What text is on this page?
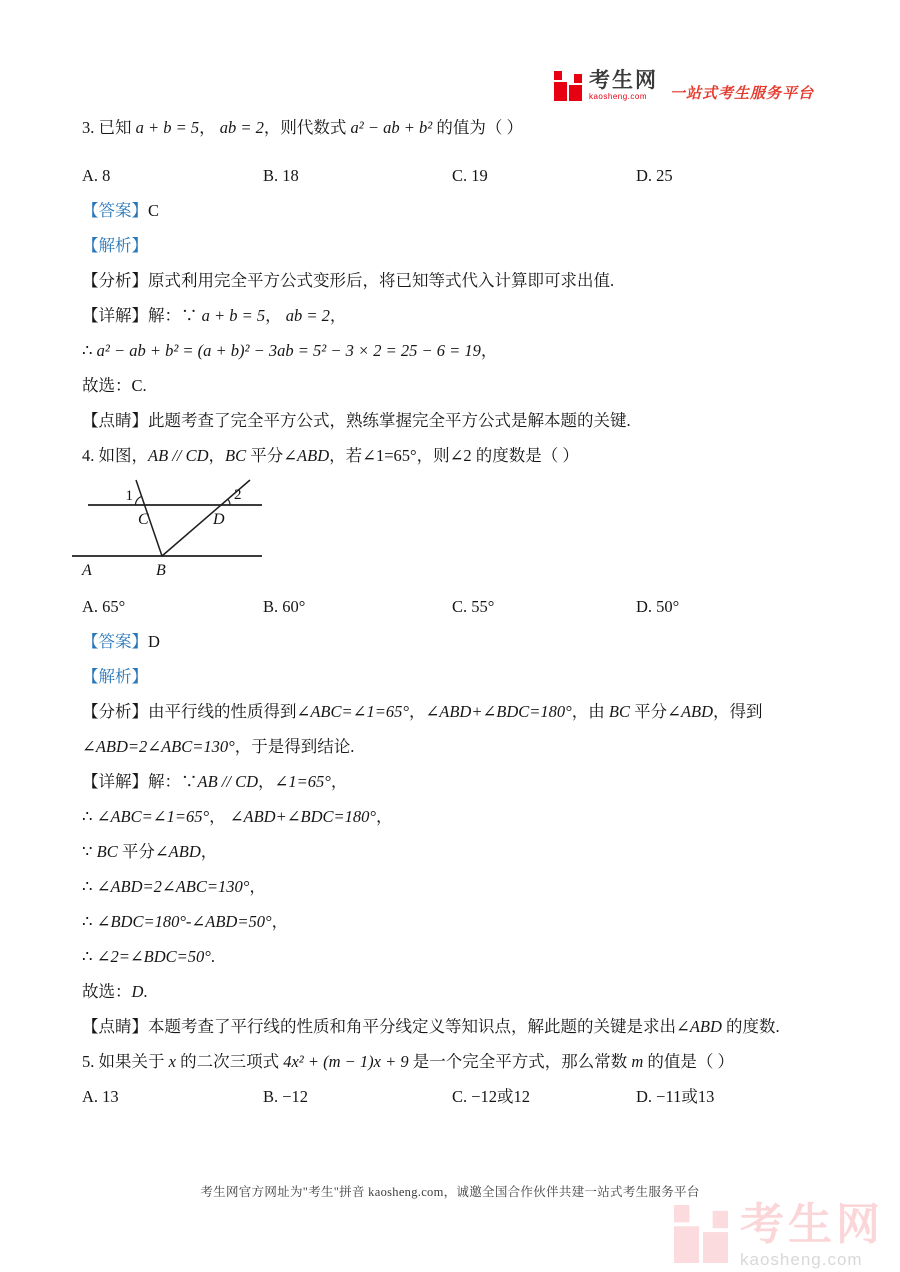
考生网
kaosheng.com	一站式考生服务平台

3. 已知 a + b = 5， ab = 2，则代数式 a² − ab + b² 的值为（ ）

A. 8	B. 18	C. 19	D. 25

【答案】C

【解析】

【分析】原式利用完全平方公式变形后，将已知等式代入计算即可求出值.

【详解】解：∵ a + b = 5， ab = 2，

∴ a² − ab + b² = (a + b)² − 3ab = 5² − 3 × 2 = 25 − 6 = 19，

故选：C.

【点睛】此题考查了完全平方公式，熟练掌握完全平方公式是解本题的关键.

4. 如图，AB // CD，BC 平分∠ABD，若∠1=65°，则∠2 的度数是（ ）

1	2
C	D
A	B
A. 65°	B. 60°	C. 55°	D. 50°

【答案】D

【解析】

【分析】由平行线的性质得到∠ABC=∠1=65°，∠ABD+∠BDC=180°，由 BC 平分∠ABD，得到

∠ABD=2∠ABC=130°，于是得到结论.

【详解】解：∵AB // CD，∠1=65°，

∴ ∠ABC=∠1=65°， ∠ABD+∠BDC=180°，

∵ BC 平分∠ABD，

∴ ∠ABD=2∠ABC=130°，

∴ ∠BDC=180°-∠ABD=50°，

∴ ∠2=∠BDC=50°.

故选：D.

【点睛】本题考查了平行线的性质和角平分线定义等知识点，解此题的关键是求出∠ABD 的度数.

5. 如果关于 x 的二次三项式 4x² + (m − 1)x + 9 是一个完全平方式，那么常数 m 的值是（ ）

A. 13	B. −12	C. −12或12	D. −11或13
考生网官方网址为"考生"拼音 kaosheng.com，诚邀全国合作伙伴共建一站式考生服务平台
考生网
kaosheng.com
